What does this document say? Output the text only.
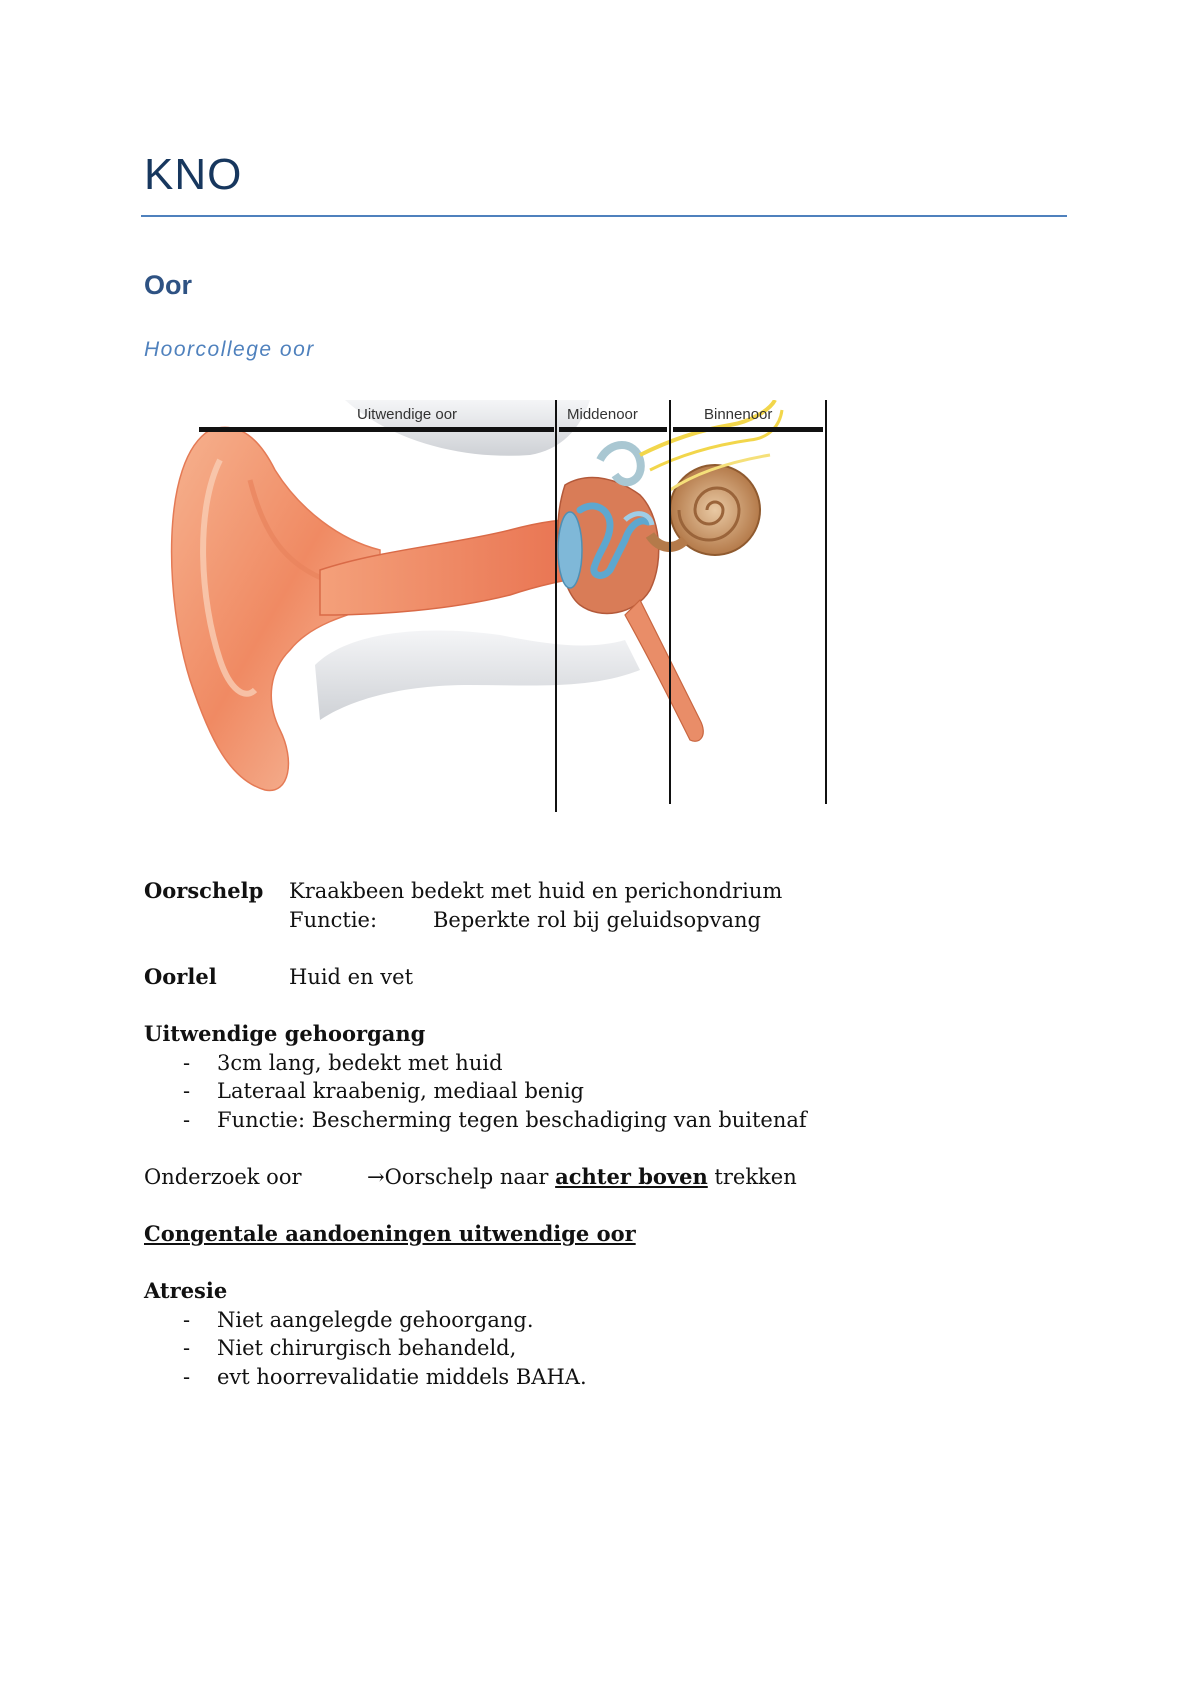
KNO
Oor
Hoorcollege oor
Uitwendige oor	Middenoor	Binnenoor
Oorschelp Kraakbeen bedekt met huid en perichondrium
Functie:	Beperkte rol bij geluidsopvang
Oorlel	Huid en vet
Uitwendige gehoorgang
- 3cm lang, bedekt met huid
- Lateraal kraabenig, mediaal benig
- Functie: Bescherming tegen beschadiging van buitenaf
Onderzoek oor	→Oorschelp naar achter boven trekken
Congentale aandoeningen uitwendige oor
Atresie
- Niet aangelegde gehoorgang.
- Niet chirurgisch behandeld,
- evt hoorrevalidatie middels BAHA.
